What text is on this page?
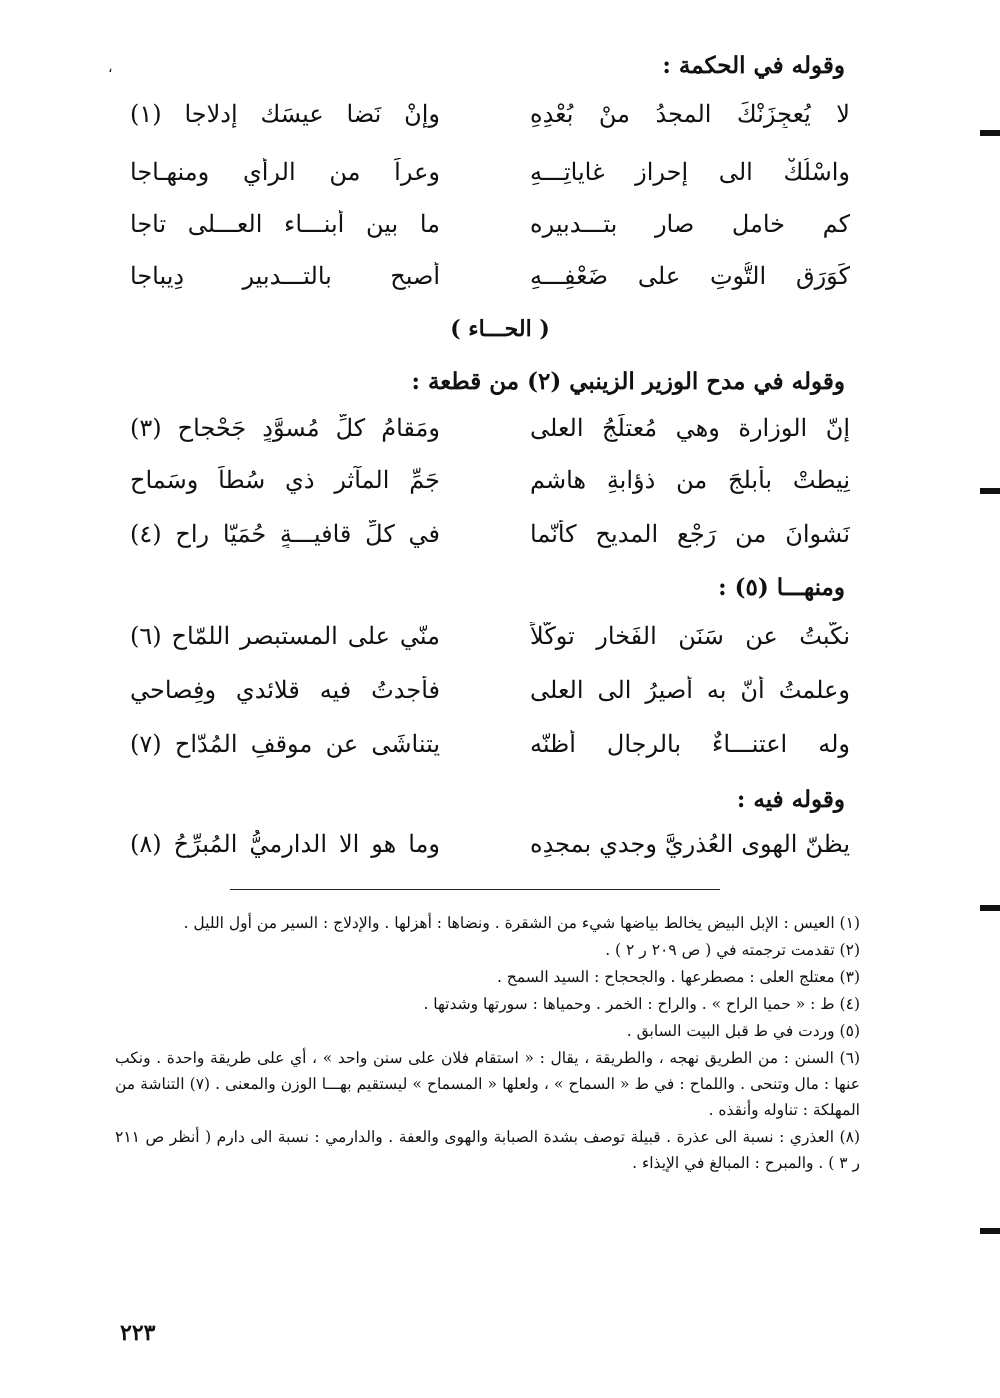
،	وقوله في الحكمة :
لا يُعجِزَنْكَ المجدُ منْ بُعْدِهِ
وإنْ نَضا عيسَك إدلاجا (١)
واسْلُكْ الى إحراز غاياتِـــهِ
وعراً من الرأي ومنهـاجا
كم خاملٍ صار بتـــدبيره
ما بين أبنـــاء العـــلى تاجا
كَوَرَقِ التُّوتِ على ضَعْفِـــهِ
أصبح بالتـــدبير دِيباجا
( الحـــاء )
وقوله في مدح الوزير الزينبي (٢) من قطعة :
إنّ الوزارة وهي مُعتلَجُ العلى
ومَقامُ كلِّ مُسوَّدٍ جَحْجاحِ (٣)
نِيطتْ بأبلجَ من ذؤابةِ هاشمٍ
جَمِّ المآثرِ ذي سُطاً وسَماحِ
نَشوانَ من رَجْعِ المديحِ كأنّما
في كلِّ قافيـــةٍ حُمَيّا راحِ (٤)
ومنهـــا (٥) :
نكّبتُ عن سَنَنِ الفَخارِ توكُّلاً
منّي على المستبصرِ اللمّاحِ (٦)
وعلمتُ أنّ به أصيرُ الى العلى
فأجدتُ فيه قلائدي وفِصاحي
وله اعتنـــاءٌ بالرجالِ أظنّه
يتناشَى عن موقفِ المُدّاحِ (٧)
وقوله فيه :
يظنّ الهوى العُذريَّ وجدي بمجدِه
وما هو الا الدارِميُّ المُبرِّحُ (٨)

(١) العيس : الإبل البيض يخالط بياضها شيء من الشقرة . ونضاها : أهزلها . والإدلاج : السير من أول الليل .

(٢) تقدمت ترجمته في ( ص ٢٠٩ ر ٢ ) .

(٣) معتلج العلى : مصطرعها . والجحجاح : السيد السمح .

(٤) ط : « حميا الراح » . والراح : الخمر . وحمياها : سورتها وشدتها .

(٥) وردت في ط قبل البيت السابق .

(٦) السنن : من الطريق نهجه ، والطريقة ، يقال : « استقام فلان على سنن واحد » ، أي على طريقة واحدة . ونكب عنها : مال وتنحى . واللماح : في ط « السماح » ، ولعلها « المسماح » ليستقيم بهـــا الوزن والمعنى . (٧) التناشة من المهلكة : تناوله وأنقذه .

(٨) العذري : نسبة الى عذرة . قبيلة توصف بشدة الصبابة والهوى والعفة . والدارمي : نسبة الى دارم ( أنظر ص ٢١١ ر ٣ ) . والمبرح : المبالغ في الإيذاء .

٢٢٣
